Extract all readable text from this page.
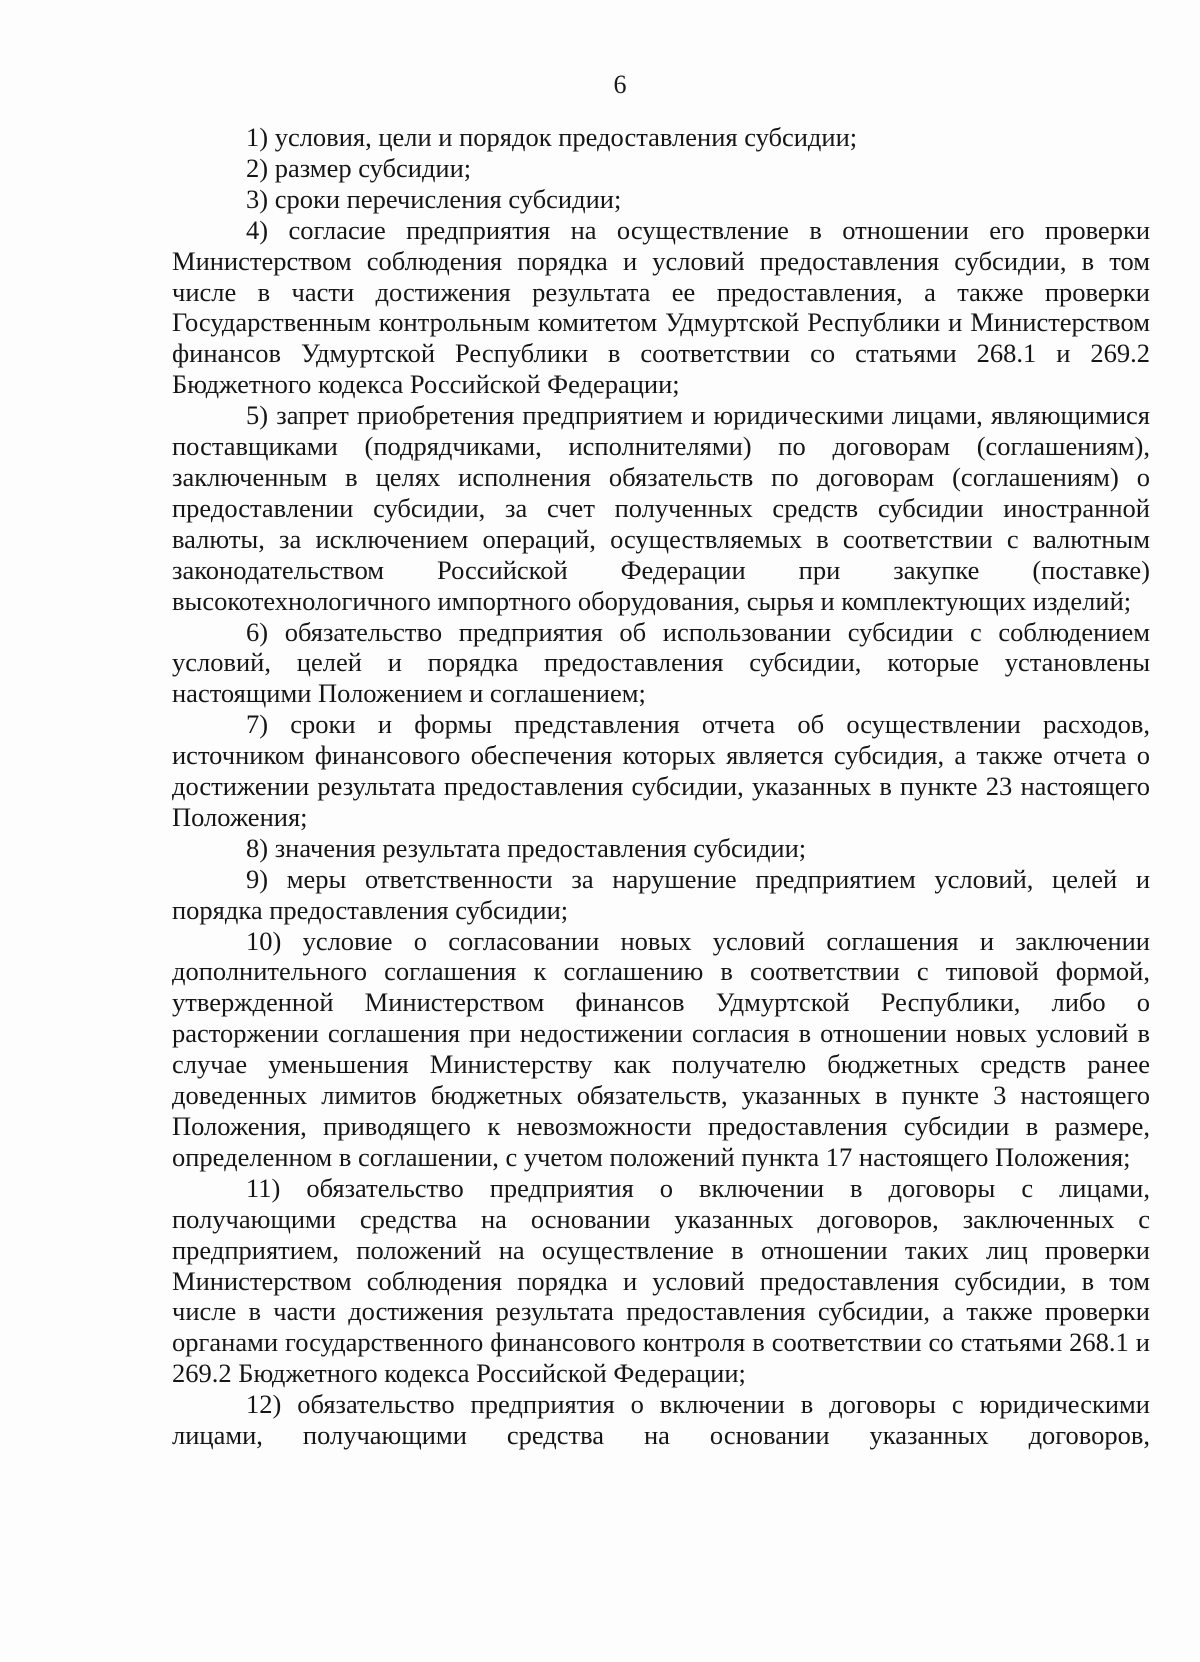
6

1) условия, цели и порядок предоставления субсидии;

2) размер субсидии;

3) сроки перечисления субсидии;

4) согласие предприятия на осуществление в отношении его проверки Министерством соблюдения порядка и условий предоставления субсидии, в том числе в части достижения результата ее предоставления, а также проверки Государственным контрольным комитетом Удмуртской Республики и Министерством финансов Удмуртской Республики в соответствии со статьями 268.1 и 269.2 Бюджетного кодекса Российской Федерации;

5) запрет приобретения предприятием и юридическими лицами, являющимися поставщиками (подрядчиками, исполнителями) по договорам (соглашениям), заключенным в целях исполнения обязательств по договорам (соглашениям) о предоставлении субсидии, за счет полученных средств субсидии иностранной валюты, за исключением операций, осуществляемых в соответствии с валютным законодательством Российской Федерации при закупке (поставке) высокотехнологичного импортного оборудования, сырья и комплектующих изделий;

6) обязательство предприятия об использовании субсидии с соблюдением условий, целей и порядка предоставления субсидии, которые установлены настоящими Положением и соглашением;

7) сроки и формы представления отчета об осуществлении расходов, источником финансового обеспечения которых является субсидия, а также отчета о достижении результата предоставления субсидии, указанных в пункте 23 настоящего Положения;

8) значения результата предоставления субсидии;

9) меры ответственности за нарушение предприятием условий, целей и порядка предоставления субсидии;

10) условие о согласовании новых условий соглашения и заключении дополнительного соглашения к соглашению в соответствии с типовой формой, утвержденной Министерством финансов Удмуртской Республики, либо о расторжении соглашения при недостижении согласия в отношении новых условий в случае уменьшения Министерству как получателю бюджетных средств ранее доведенных лимитов бюджетных обязательств, указанных в пункте 3 настоящего Положения, приводящего к невозможности предоставления субсидии в размере, определенном в соглашении, с учетом положений пункта 17 настоящего Положения;

11) обязательство предприятия о включении в договоры с лицами, получающими средства на основании указанных договоров, заключенных с предприятием, положений на осуществление в отношении таких лиц проверки Министерством соблюдения порядка и условий предоставления субсидии, в том числе в части достижения результата предоставления субсидии, а также проверки органами государственного финансового контроля в соответствии со статьями 268.1 и 269.2 Бюджетного кодекса Российской Федерации;

12) обязательство предприятия о включении в договоры с юридическими лицами, получающими средства на основании указанных договоров,
